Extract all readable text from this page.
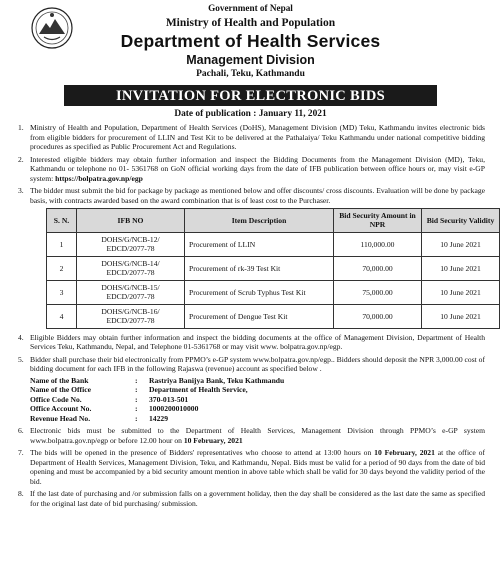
Government of Nepal
Ministry of Health and Population
Department of Health Services
Management Division
Pachali, Teku, Kathmandu
INVITATION FOR ELECTRONIC BIDS
Date of publication : January 11, 2021
1. Ministry of Health and Population, Department of Health Services (DoHS), Management Division (MD) Teku, Kathmandu invites electronic bids from eligible bidders for procurement of LLIN and Test Kit to be delivered at the Pathalaiya/ Teku Kathmandu under national competitive bidding procedures as specified as Public Procurement Act and Regulations.
2. Interested eligible bidders may obtain further information and inspect the Bidding Documents from the Management Division (MD), Teku, Kathmandu or telephone no 01- 5361768 on GoN official working days from the date of IFB publication between office hours or, may visit e-GP system: https://bolpatra.gov.np/egp
3. The bidder must submit the bid for package by package as mentioned below and offer discounts/ cross discounts. Evaluation will be done by package basis, with contracts awarded based on the award combination that is of least cost to the Purchaser.
S. N.	IFB NO	Item Description	Bid Security Amount in NPR	Bid Security Validity
1	DOHS/G/NCB-12/ EDCD/2077-78	Procurement of LLIN	110,000.00	10 June 2021
2	DOHS/G/NCB-14/ EDCD/2077-78	Procurement of rk-39 Test Kit	70,000.00	10 June 2021
3	DOHS/G/NCB-15/ EDCD/2077-78	Procurement of Scrub Typhus Test Kit	75,000.00	10 June 2021
4	DOHS/G/NCB-16/ EDCD/2077-78	Procurement of Dengue Test Kit	70,000.00	10 June 2021
4. Eligible Bidders may obtain further information and inspect the bidding documents at the office of Management Division, Department of Health Services Teku, Kathmandu, Nepal, and Telephone 01-5361768 or may visit www. bolpatra.gov.np/egp.
5. Bidder shall purchase their bid electronically from PPMO’s e-GP system www.bolpatra.gov.np/egp.. Bidders should deposit the NPR 3,000.00 cost of bidding document for each IFB in the following Rajaswa (revenue) account as specified below .
Name of the Bank	:	Rastriya Banijya Bank, Teku Kathmandu
Name of the Office	:	Department of Health Service,
Office Code No.	:	370-013-501
Office Account No.	:	1000200010000
Revenue Head No.	:	14229
6. Electronic bids must be submitted to the Department of Health Services, Management Division through PPMO’s e-GP system www.bolpatra.gov.np/egp or before 12.00 hour on 10 February, 2021
7. The bids will be opened in the presence of Bidders' representatives who choose to attend at 13:00 hours on 10 February, 2021 at the office of Department of Health Services, Management Division, Teku, and Kathmandu, Nepal. Bids must be valid for a period of 90 days from the date of bid opening and must be accompanied by a bid security amount mention in above table which shall be valid for 30 days beyond the validity period of the bid.
8. If the last date of purchasing and /or submission falls on a government holiday, then the day shall be considered as the last date the same as specified for the original last date of bid purchasing/ submission.
